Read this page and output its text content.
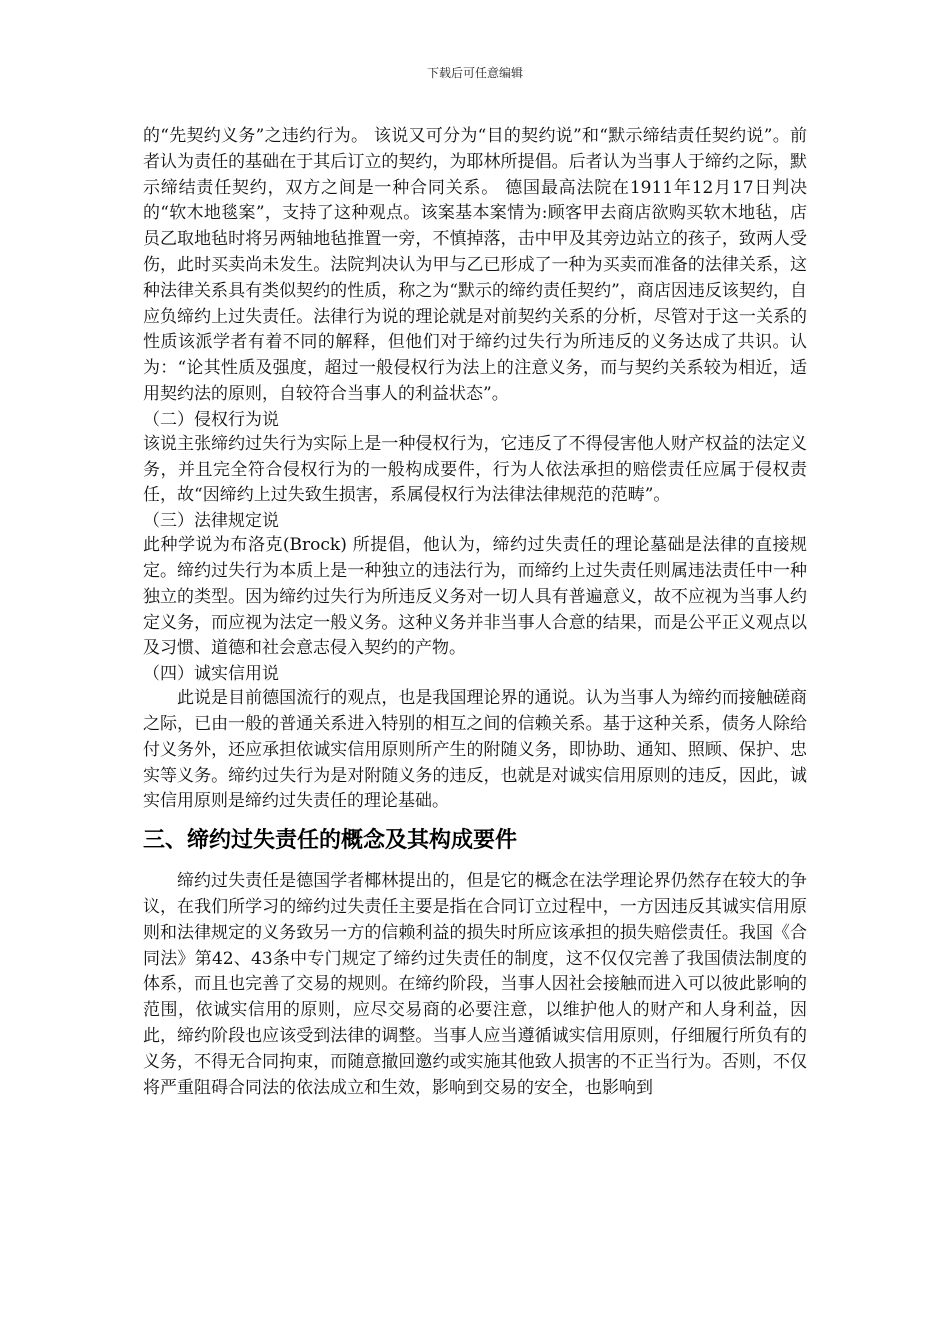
下载后可任意编辑

的“先契约义务”之违约行为。 该说又可分为“目的契约说”和“默示缔结责任契约说”。前者认为责任的基础在于其后订立的契约，为耶林所提倡。后者认为当事人于缔约之际，默示缔结责任契约，双方之间是一种合同关系。 德国最高法院在1911年12月17日判决的“软木地毯案”，支持了这种观点。该案基本案情为:顾客甲去商店欲购买软木地毡，店员乙取地毡时将另两轴地毡推置一旁，不慎掉落，击中甲及其旁边站立的孩子，致两人受伤，此时买卖尚未发生。法院判决认为甲与乙已形成了一种为买卖而准备的法律关系，这种法律关系具有类似契约的性质，称之为“默示的缔约责任契约”，商店因违反该契约，自应负缔约上过失责任。法律行为说的理论就是对前契约关系的分析，尽管对于这一关系的性质该派学者有着不同的解释，但他们对于缔约过失行为所违反的义务达成了共识。认为：“论其性质及强度，超过一般侵权行为法上的注意义务，而与契约关系较为相近，适用契约法的原则，自较符合当事人的利益状态”。

（二）侵权行为说

该说主张缔约过失行为实际上是一种侵权行为，它违反了不得侵害他人财产权益的法定义务，并且完全符合侵权行为的一般构成要件，行为人依法承担的赔偿责任应属于侵权责任，故“因缔约上过失致生损害，系属侵权行为法律法律规范的范畴”。

（三）法律规定说

此种学说为布洛克(Brock) 所提倡，他认为，缔约过失责任的理论墓础是法律的直接规定。缔约过失行为本质上是一种独立的违法行为，而缔约上过失责任则属违法责任中一种独立的类型。因为缔约过失行为所违反义务对一切人具有普遍意义，故不应视为当事人约定义务，而应视为法定一般义务。这种义务并非当事人合意的结果，而是公平正义观点以及习惯、道德和社会意志侵入契约的产物。

（四）诚实信用说

此说是目前德国流行的观点，也是我国理论界的通说。认为当事人为缔约而接触磋商之际，已由一般的普通关系进入特别的相互之间的信赖关系。基于这种关系，债务人除给付义务外，还应承担依诚实信用原则所产生的附随义务，即协助、通知、照顾、保护、忠实等义务。缔约过失行为是对附随义务的违反，也就是对诚实信用原则的违反，因此，诚实信用原则是缔约过失责任的理论基础。

三、缔约过失责任的概念及其构成要件

缔约过失责任是德国学者椰林提出的，但是它的概念在法学理论界仍然存在较大的争议，在我们所学习的缔约过失责任主要是指在合同订立过程中，一方因违反其诚实信用原则和法律规定的义务致另一方的信赖利益的损失时所应该承担的损失赔偿责任。我国《合同法》第42、43条中专门规定了缔约过失责任的制度，这不仅仅完善了我国债法制度的体系，而且也完善了交易的规则。在缔约阶段，当事人因社会接触而进入可以彼此影响的范围，依诚实信用的原则，应尽交易商的必要注意，以维护他人的财产和人身利益，因此，缔约阶段也应该受到法律的调整。当事人应当遵循诚实信用原则，仔细履行所负有的义务，不得无合同拘束，而随意撤回邀约或实施其他致人损害的不正当行为。否则，不仅将严重阻碍合同法的依法成立和生效，影响到交易的安全，也影响到
